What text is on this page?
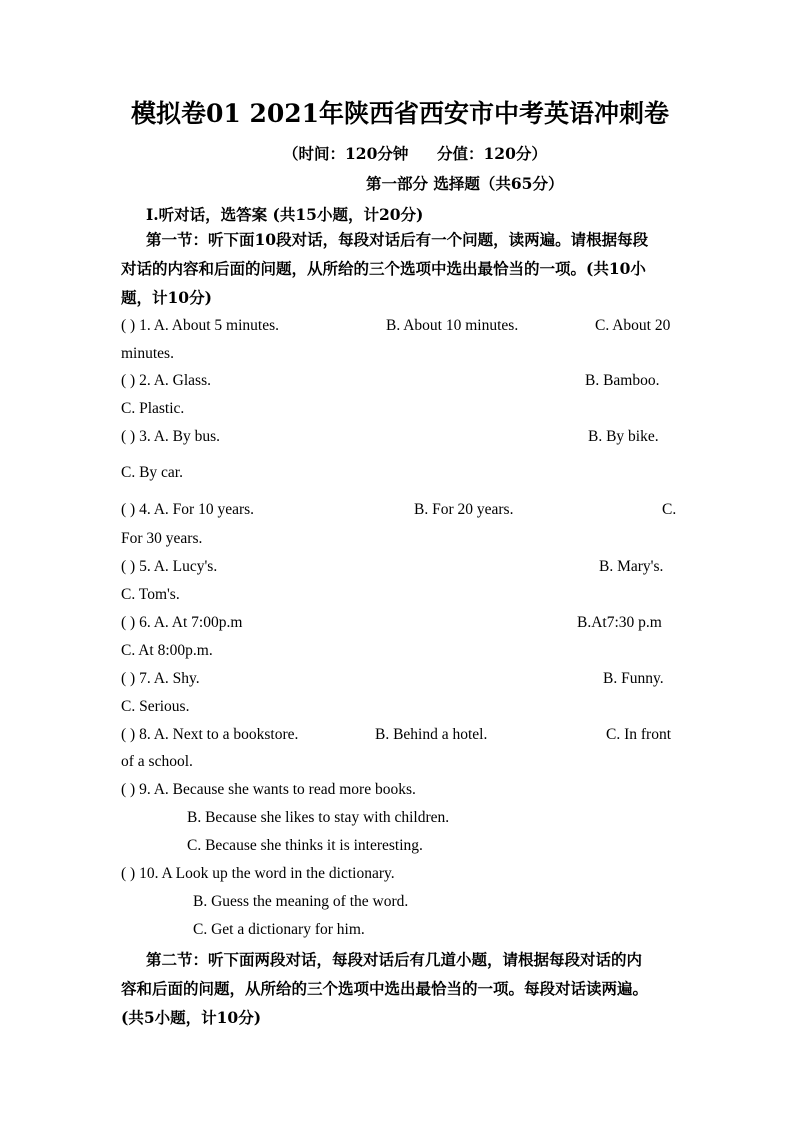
模拟卷01 2021年陕西省西安市中考英语冲刺卷
（时间：120分钟 分值：120分）
第一部分 选择题（共65分）
I.听对话，选答案 (共15小题，计20分)

第一节：听下面10段对话，每段对话后有一个问题，读两遍。请根据每段

对话的内容和后面的问题，从所给的三个选项中选出最恰当的一项。(共10小

题，计10分)

( ) 1. A. About 5 minutes.	B. About 10 minutes.	C. About 20
minutes.
( ) 2. A. Glass.	B. Bamboo.
C. Plastic.
( ) 3. A. By bus.	B. By bike.
C. By car.
( ) 4. A. For 10 years.	B. For 20 years.	C.
For 30 years.
( ) 5. A. Lucy's.	B. Mary's.
C. Tom's.
( ) 6. A. At 7:00p.m	B.At7:30 p.m
C. At 8:00p.m.
( ) 7. A. Shy.	B. Funny.
C. Serious.
( ) 8. A. Next to a bookstore.	B. Behind a hotel.	C. In front
of a school.
( ) 9. A. Because she wants to read more books.
B. Because she likes to stay with children.
C. Because she thinks it is interesting.
( ) 10. A Look up the word in the dictionary.
B. Guess the meaning of the word.
C. Get a dictionary for him.

第二节：听下面两段对话，每段对话后有几道小题，请根据每段对话的内

容和后面的问题，从所给的三个选项中选出最恰当的一项。每段对话读两遍。

(共5小题，计10分)
